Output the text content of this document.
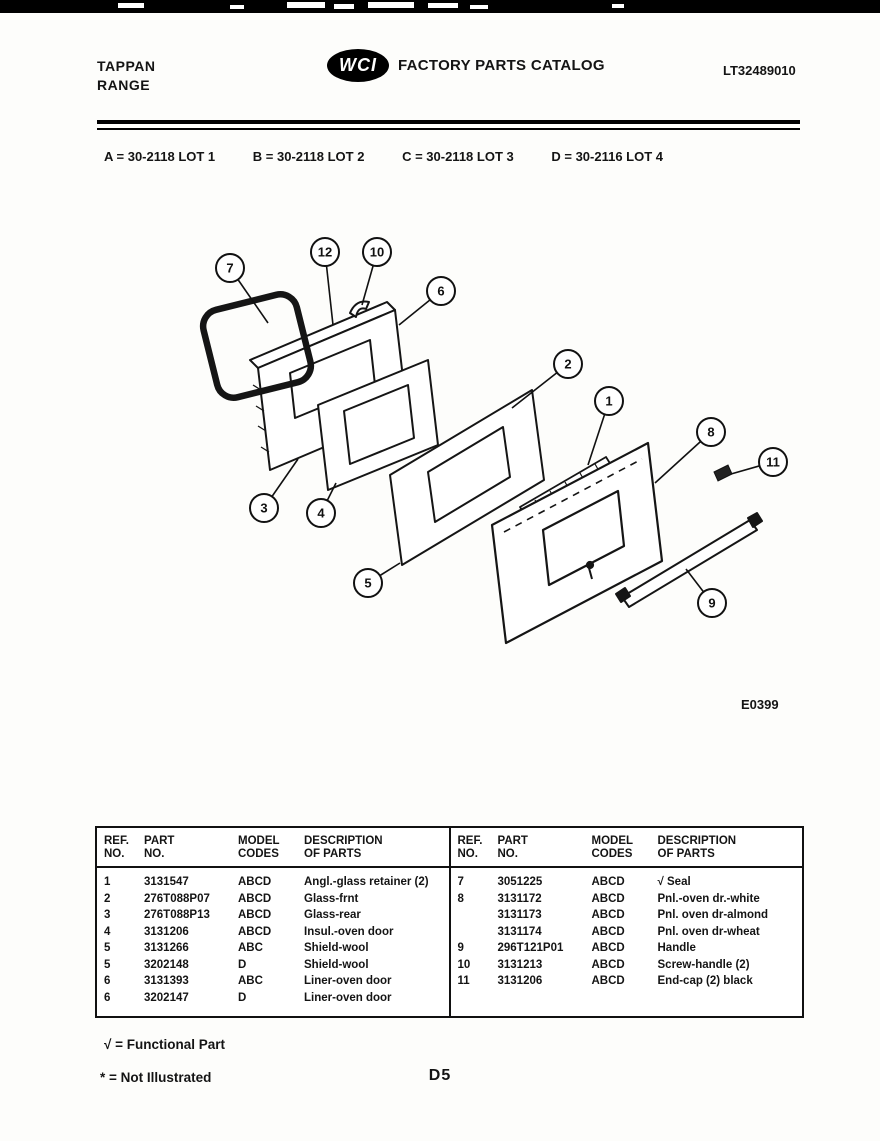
TAPPAN
RANGE
WCI FACTORY PARTS CATALOG	LT32489010
A = 30-2118 LOT 1	B = 30-2118 LOT 2	C = 30-2118 LOT 3	D = 30-2116 LOT 4
7
12	10
6
2
1
8
11
3	4
5
9
E0399
REF.
NO.
PART
NO.
MODEL
CODES
DESCRIPTION
OF PARTS
1	3131547	ABCD	Angl.-glass retainer (2)
2	276T088P07	ABCD	Glass-frnt
3	276T088P13	ABCD	Glass-rear
4	3131206	ABCD	Insul.-oven door
5	3131266	ABC	Shield-wool
5	3202148	D	Shield-wool
6	3131393	ABC	Liner-oven door
6	3202147	D	Liner-oven door
REF.
NO.
PART
NO.
MODEL
CODES
DESCRIPTION
OF PARTS
7	3051225	ABCD	√ Seal
8	3131172	ABCD	Pnl.-oven dr.-white
3131173	ABCD	Pnl. oven dr-almond
3131174	ABCD	Pnl. oven dr-wheat
9	296T121P01	ABCD	Handle
10	3131213	ABCD	Screw-handle (2)
11	3131206	ABCD	End-cap (2) black
√ = Functional Part
* = Not Illustrated	D5
